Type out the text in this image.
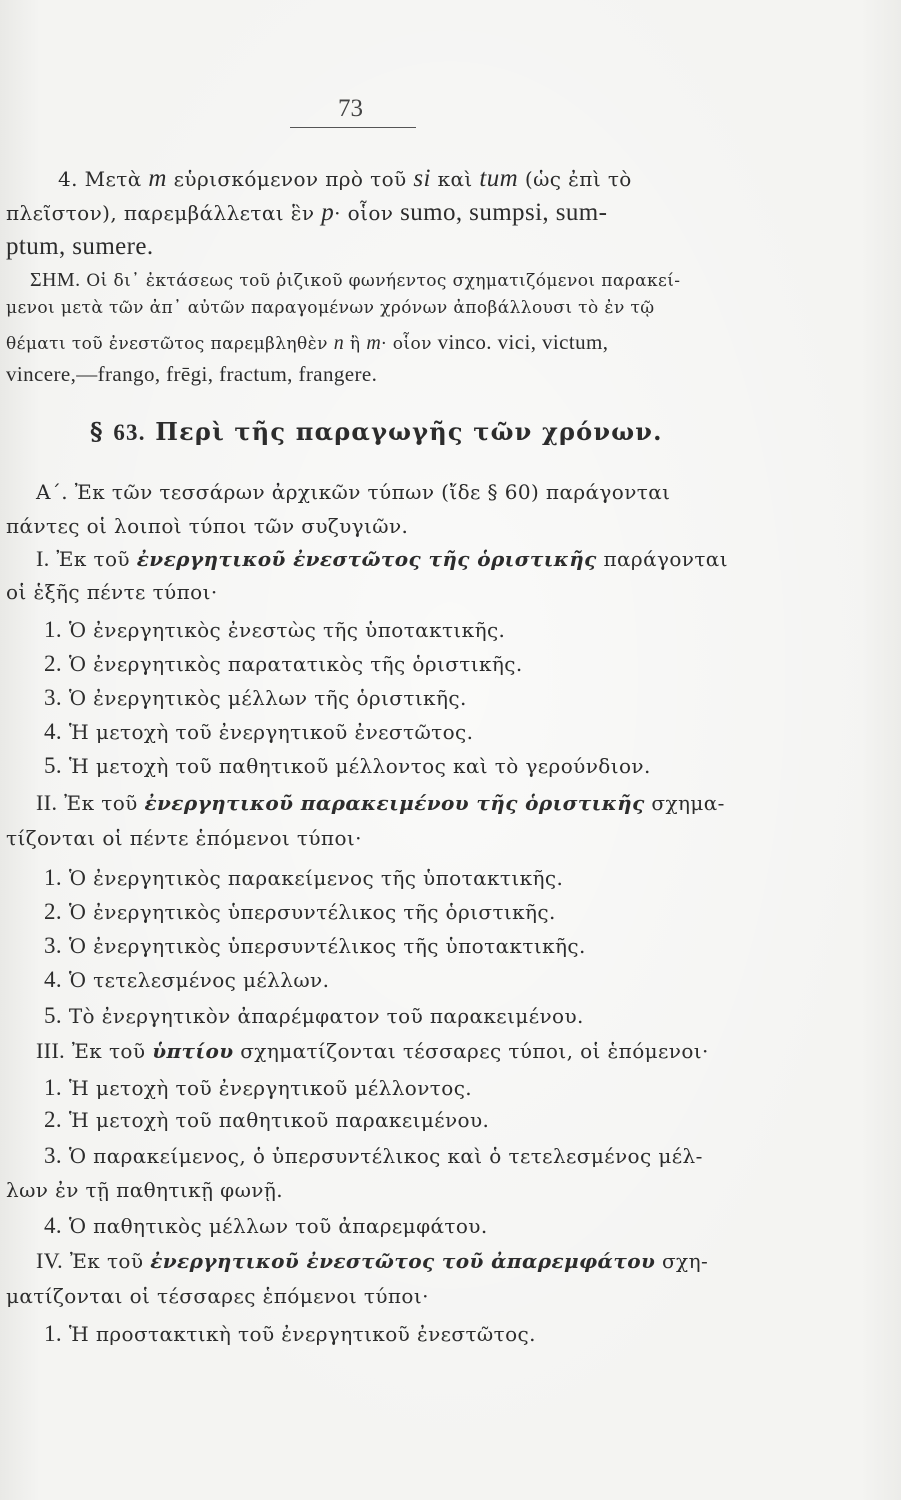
73
4. Μετὰ m εὑρισκόμενον πρὸ τοῦ si καὶ tum (ὡς ἐπὶ τὸ
πλεῖστον), παρεμβάλλεται ἓν p· οἷον sumo, sumpsi, sum-
ptum, sumere.
ΣΗΜ. Οἱ δι᾽ ἐκτάσεως τοῦ ῥιζικοῦ φωνήεντος σχηματιζόμενοι παρακεί-
μενοι μετὰ τῶν ἀπ᾽ αὐτῶν παραγομένων χρόνων ἀποβάλλουσι τὸ ἐν τῷ
θέματι τοῦ ἐνεστῶτος παρεμβληθὲν n ἢ m· οἷον vinco. vici, victum,
vincere,—frango, frēgi, fractum, frangere.
§ 63. Περὶ τῆς παραγωγῆς τῶν χρόνων.
Α΄. Ἐκ τῶν τεσσάρων ἀρχικῶν τύπων (ἴδε § 60) παράγονται
πάντες οἱ λοιποὶ τύποι τῶν συζυγιῶν.
I. Ἐκ τοῦ ἐνεργητικοῦ ἐνεστῶτος τῆς ὁριστικῆς παράγονται
οἱ ἑξῆς πέντε τύποι·
1. Ὁ ἐνεργητικὸς ἐνεστὼς τῆς ὑποτακτικῆς.
2. Ὁ ἐνεργητικὸς παρατατικὸς τῆς ὁριστικῆς.
3. Ὁ ἐνεργητικὸς μέλλων τῆς ὁριστικῆς.
4. Ἡ μετοχὴ τοῦ ἐνεργητικοῦ ἐνεστῶτος.
5. Ἡ μετοχὴ τοῦ παθητικοῦ μέλλοντος καὶ τὸ γερούνδιον.
II. Ἐκ τοῦ ἐνεργητικοῦ παρακειμένου τῆς ὁριστικῆς σχημα-
τίζονται οἱ πέντε ἑπόμενοι τύποι·
1. Ὁ ἐνεργητικὸς παρακείμενος τῆς ὑποτακτικῆς.
2. Ὁ ἐνεργητικὸς ὑπερσυντέλικος τῆς ὁριστικῆς.
3. Ὁ ἐνεργητικὸς ὑπερσυντέλικος τῆς ὑποτακτικῆς.
4. Ὁ τετελεσμένος μέλλων.
5. Τὸ ἐνεργητικὸν ἀπαρέμφατον τοῦ παρακειμένου.
III. Ἐκ τοῦ ὑπτίου σχηματίζονται τέσσαρες τύποι, οἱ ἑπόμενοι·
1. Ἡ μετοχὴ τοῦ ἐνεργητικοῦ μέλλοντος.
2. Ἡ μετοχὴ τοῦ παθητικοῦ παρακειμένου.
3. Ὁ παρακείμενος, ὁ ὑπερσυντέλικος καὶ ὁ τετελεσμένος μέλ-
λων ἐν τῇ παθητικῇ φωνῇ.
4. Ὁ παθητικὸς μέλλων τοῦ ἀπαρεμφάτου.
IV. Ἐκ τοῦ ἐνεργητικοῦ ἐνεστῶτος τοῦ ἀπαρεμφάτου σχη-
ματίζονται οἱ τέσσαρες ἑπόμενοι τύποι·
1. Ἡ προστακτικὴ τοῦ ἐνεργητικοῦ ἐνεστῶτος.
